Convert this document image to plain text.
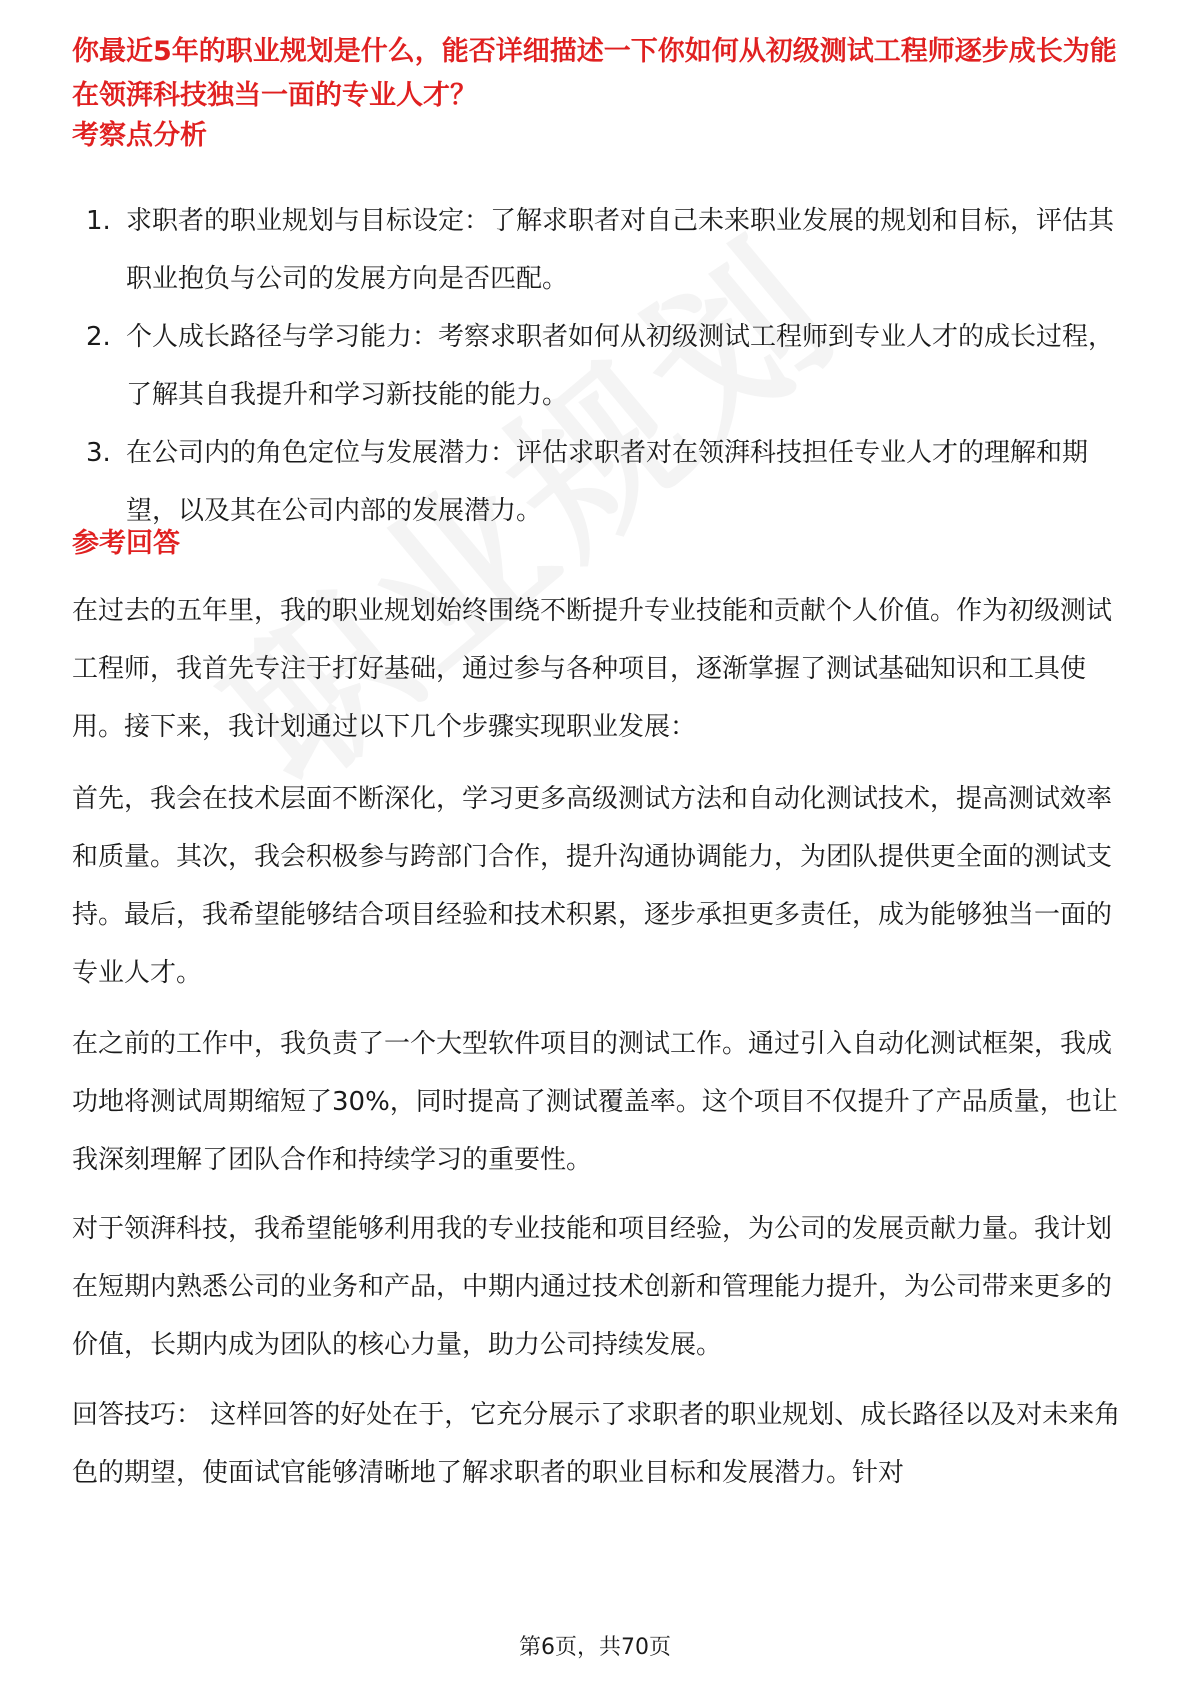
你最近5年的职业规划是什么，能否详细描述一下你如何从初级测试工程师逐步成长为能在领湃科技独当一面的专业人才？

考察点分析
1. 求职者的职业规划与目标设定：了解求职者对自己未来职业发展的规划和目标，评估其职业抱负与公司的发展方向是否匹配。
2. 个人成长路径与学习能力：考察求职者如何从初级测试工程师到专业人才的成长过程，了解其自我提升和学习新技能的能力。
3. 在公司内的角色定位与发展潜力：评估求职者对在领湃科技担任专业人才的理解和期望，以及其在公司内部的发展潜力。
参考回答

在过去的五年里，我的职业规划始终围绕不断提升专业技能和贡献个人价值。作为初级测试工程师，我首先专注于打好基础，通过参与各种项目，逐渐掌握了测试基础知识和工具使用。接下来，我计划通过以下几个步骤实现职业发展：

首先，我会在技术层面不断深化，学习更多高级测试方法和自动化测试技术，提高测试效率和质量。其次，我会积极参与跨部门合作，提升沟通协调能力，为团队提供更全面的测试支持。最后，我希望能够结合项目经验和技术积累，逐步承担更多责任，成为能够独当一面的专业人才。

在之前的工作中，我负责了一个大型软件项目的测试工作。通过引入自动化测试框架，我成功地将测试周期缩短了30%，同时提高了测试覆盖率。这个项目不仅提升了产品质量，也让我深刻理解了团队合作和持续学习的重要性。

对于领湃科技，我希望能够利用我的专业技能和项目经验，为公司的发展贡献力量。我计划在短期内熟悉公司的业务和产品，中期内通过技术创新和管理能力提升，为公司带来更多的价值，长期内成为团队的核心力量，助力公司持续发展。

回答技巧： 这样回答的好处在于，它充分展示了求职者的职业规划、成长路径以及对未来角色的期望，使面试官能够清晰地了解求职者的职业目标和发展潜力。针对

第6页，共70页
